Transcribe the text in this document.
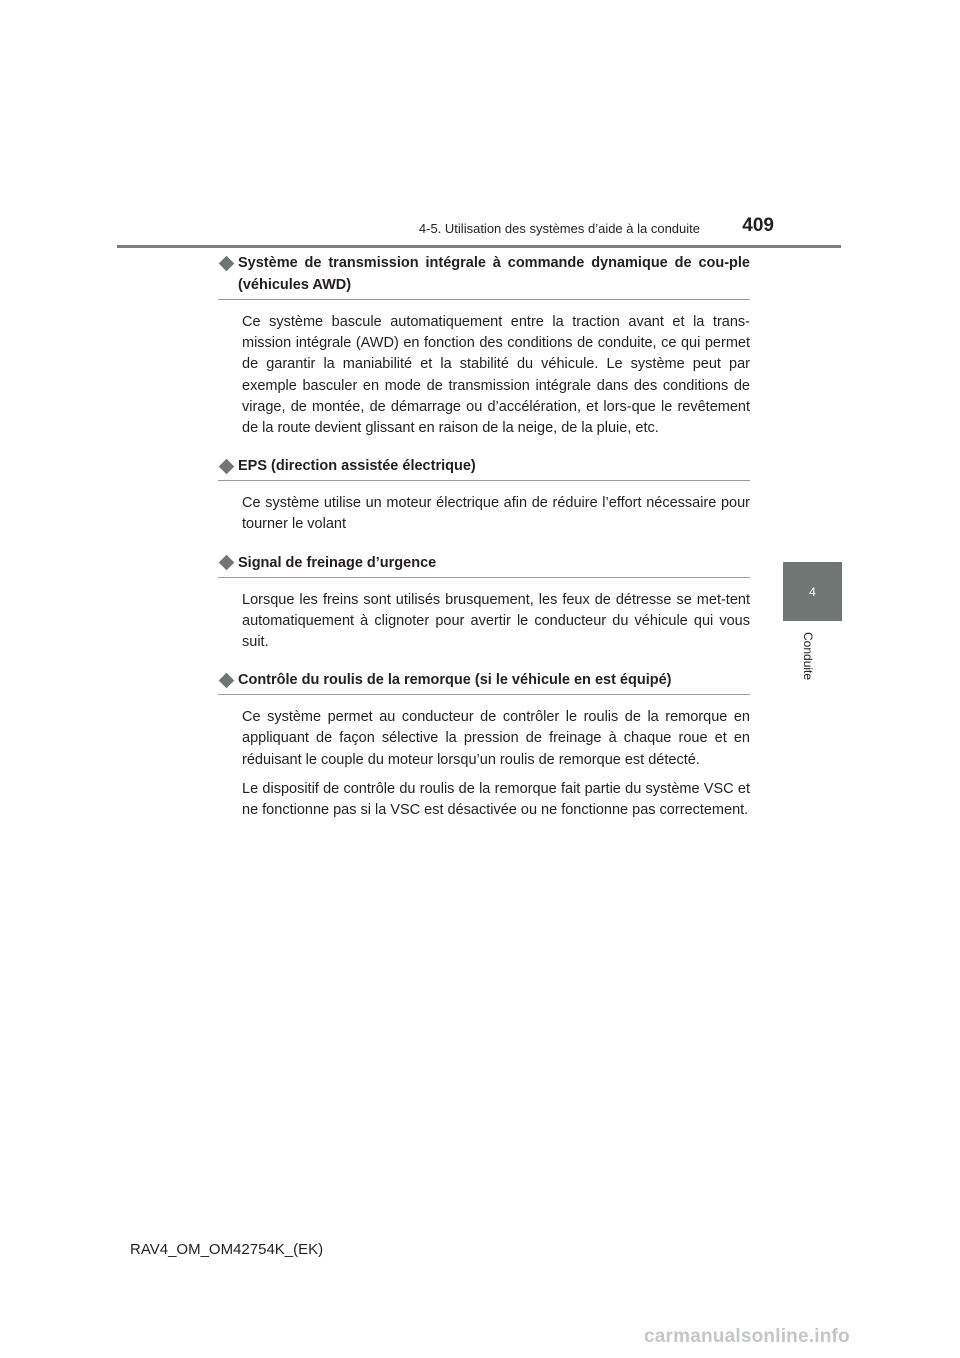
4-5. Utilisation des systèmes d’aide à la conduite	409
4
Conduite
Système de transmission intégrale à commande dynamique de cou-ple (véhicules AWD)

Ce système bascule automatiquement entre la traction avant et la trans-mission intégrale (AWD) en fonction des conditions de conduite, ce qui permet de garantir la maniabilité et la stabilité du véhicule. Le système peut par exemple basculer en mode de transmission intégrale dans des conditions de virage, de montée, de démarrage ou d’accélération, et lors-que le revêtement de la route devient glissant en raison de la neige, de la pluie, etc.

EPS (direction assistée électrique)

Ce système utilise un moteur électrique afin de réduire l’effort nécessaire pour tourner le volant

Signal de freinage d’urgence

Lorsque les freins sont utilisés brusquement, les feux de détresse se met-tent automatiquement à clignoter pour avertir le conducteur du véhicule qui vous suit.

Contrôle du roulis de la remorque (si le véhicule en est équipé)

Ce système permet au conducteur de contrôler le roulis de la remorque en appliquant de façon sélective la pression de freinage à chaque roue et en réduisant le couple du moteur lorsqu’un roulis de remorque est détecté.

Le dispositif de contrôle du roulis de la remorque fait partie du système VSC et ne fonctionne pas si la VSC est désactivée ou ne fonctionne pas correctement.

RAV4_OM_OM42754K_(EK)
carmanualsonline.info
